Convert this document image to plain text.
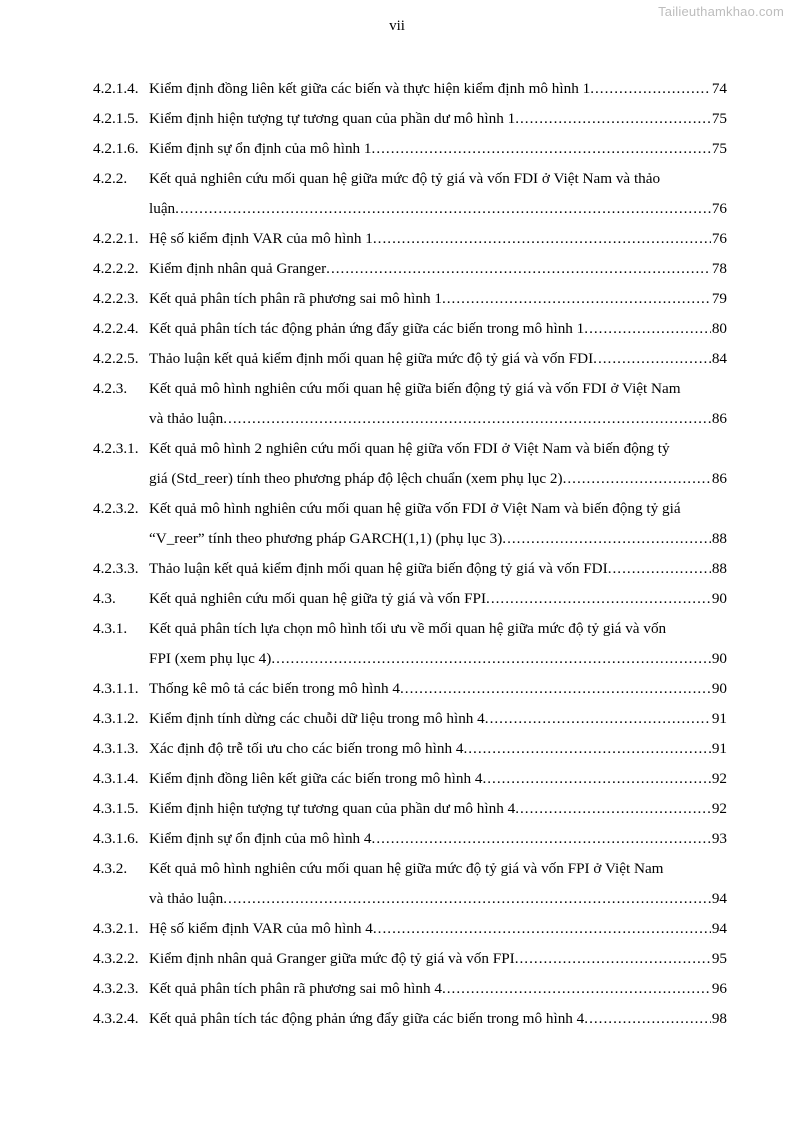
Tailieuthamkhao.com
vii
4.2.1.4. Kiểm định đồng liên kết giữa các biến và thực hiện kiểm định mô hình 1 .....	74
4.2.1.5. Kiểm định hiện tượng tự tương quan của phần dư mô hình 1 .....	75
4.2.1.6. Kiểm định sự ổn định của mô hình 1 .....	75
4.2.2.	Kết quả nghiên cứu mối quan hệ giữa mức độ tỷ giá và vốn FDI ở Việt Nam và thảo
luận .....	76
4.2.2.1. Hệ số kiểm định VAR của mô hình 1 .....	76
4.2.2.2. Kiểm định nhân quả Granger .....	78
4.2.2.3. Kết quả phân tích phân rã phương sai mô hình 1 .....	79
4.2.2.4. Kết quả phân tích tác động phản ứng đẩy giữa các biến trong mô hình 1 .....	80
4.2.2.5. Thảo luận kết quả kiểm định mối quan hệ giữa mức độ tỷ giá và vốn FDI .....	84
4.2.3.	Kết quả mô hình nghiên cứu mối quan hệ giữa biến động tỷ giá và vốn FDI ở Việt Nam
và thảo luận .....	86
4.2.3.1. Kết quả mô hình 2 nghiên cứu mối quan hệ giữa vốn FDI ở Việt Nam và biến động tỷ
giá (Std_reer) tính theo phương pháp độ lệch chuẩn (xem phụ lục 2) .....	86
4.2.3.2. Kết quả mô hình nghiên cứu mối quan hệ giữa vốn FDI ở Việt Nam và biến động tỷ giá
“V_reer” tính theo phương pháp GARCH(1,1) (phụ lục 3) .....	88
4.2.3.3. Thảo luận kết quả kiểm định mối quan hệ giữa biến động tỷ giá và vốn FDI .....	88
4.3.	Kết quả nghiên cứu mối quan hệ giữa tỷ giá và vốn FPI .....	90
4.3.1.	Kết quả phân tích lựa chọn mô hình tối ưu về mối quan hệ giữa mức độ tỷ giá và vốn
FPI (xem phụ lục 4) .....	90
4.3.1.1. Thống kê mô tả các biến trong mô hình 4 .....	90
4.3.1.2. Kiểm định tính dừng các chuỗi dữ liệu trong mô hình 4 .....	91
4.3.1.3. Xác định độ trễ tối ưu cho các biến trong mô hình 4 .....	91
4.3.1.4. Kiểm định đồng liên kết giữa các biến trong mô hình 4 .....	92
4.3.1.5. Kiểm định hiện tượng tự tương quan của phần dư mô hình 4 .....	92
4.3.1.6. Kiểm định sự ổn định của mô hình 4 .....	93
4.3.2.	Kết quả mô hình nghiên cứu mối quan hệ giữa mức độ tỷ giá và vốn FPI ở Việt Nam
và thảo luận .....	94
4.3.2.1. Hệ số kiểm định VAR của mô hình 4 .....	94
4.3.2.2. Kiểm định nhân quả Granger giữa mức độ tỷ giá và vốn FPI .....	95
4.3.2.3. Kết quả phân tích phân rã phương sai mô hình 4 .....	96
4.3.2.4. Kết quả phân tích tác động phản ứng đẩy giữa các biến trong mô hình 4 .....	98
